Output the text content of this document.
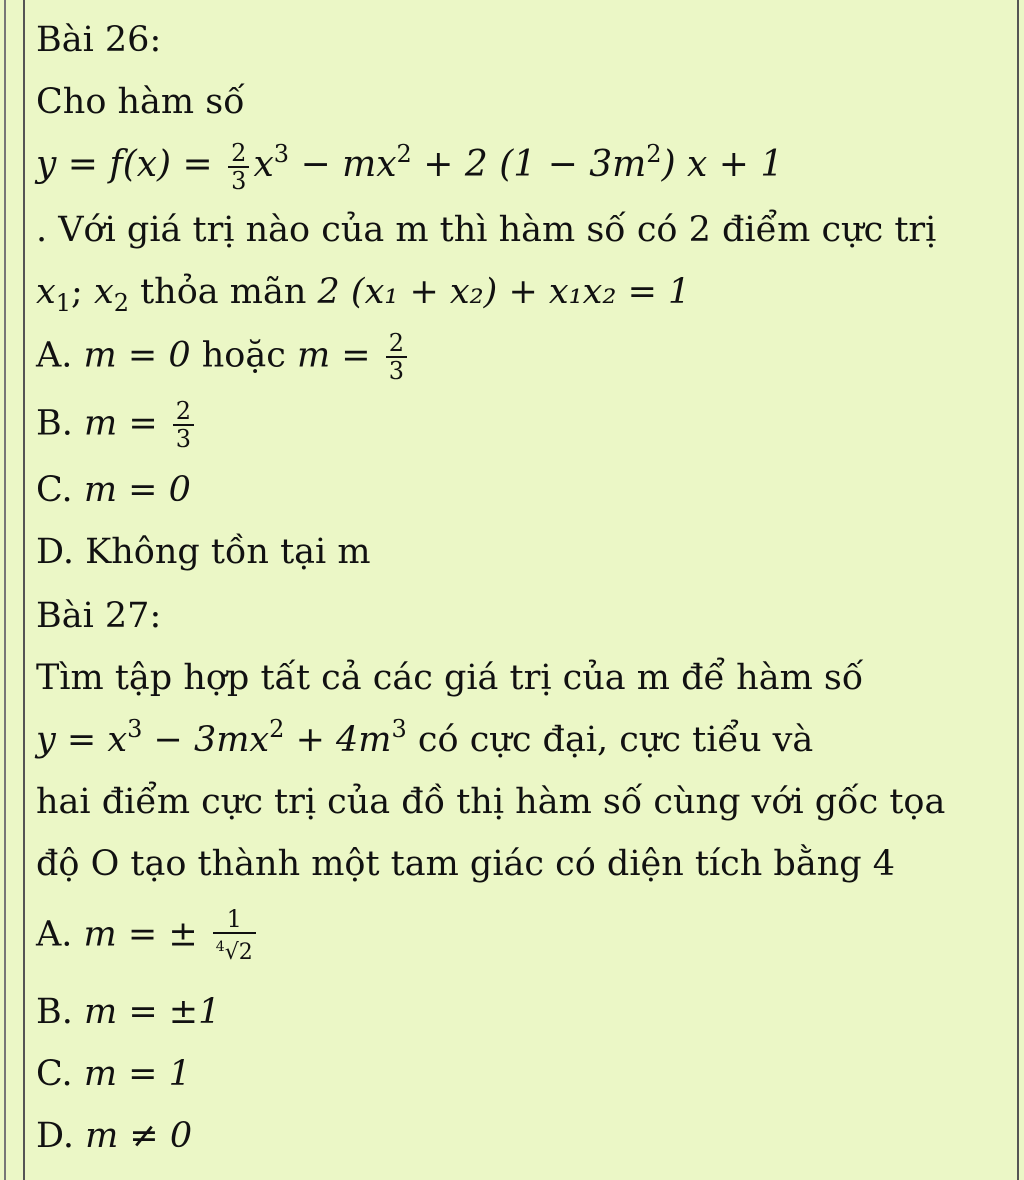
Bài 26:
Cho hàm số
$y = f(x) = \frac{2}{3} x^3 - mx^2 + 2$ $(1 - 3m^2)$ x + 1
. Với giá trị nào của m thì hàm số có 2 điểm cực trị
$x_1$; $x_2$ thỏa mãn 2 (x₁ + x₂) + x₁x₂ = 1
A. m = 0 hoặc $m = \frac{2}{3}$
B. $m = \frac{2}{3}$
C. m = 0
D. Không tồn tại m
Bài 27:
Tìm tập hợp tất cả các giá trị của m để hàm số
$y = x^3 - 3mx^2 + 4m^3$ có cực đại, cực tiểu và
hai điểm cực trị của đồ thị hàm số cùng với gốc tọa
độ O tạo thành một tam giác có diện tích bằng 4
A. m = ± $\frac{1}{^4√2}$
B. m = ±1
C. m = 1
D. m ≠ 0
